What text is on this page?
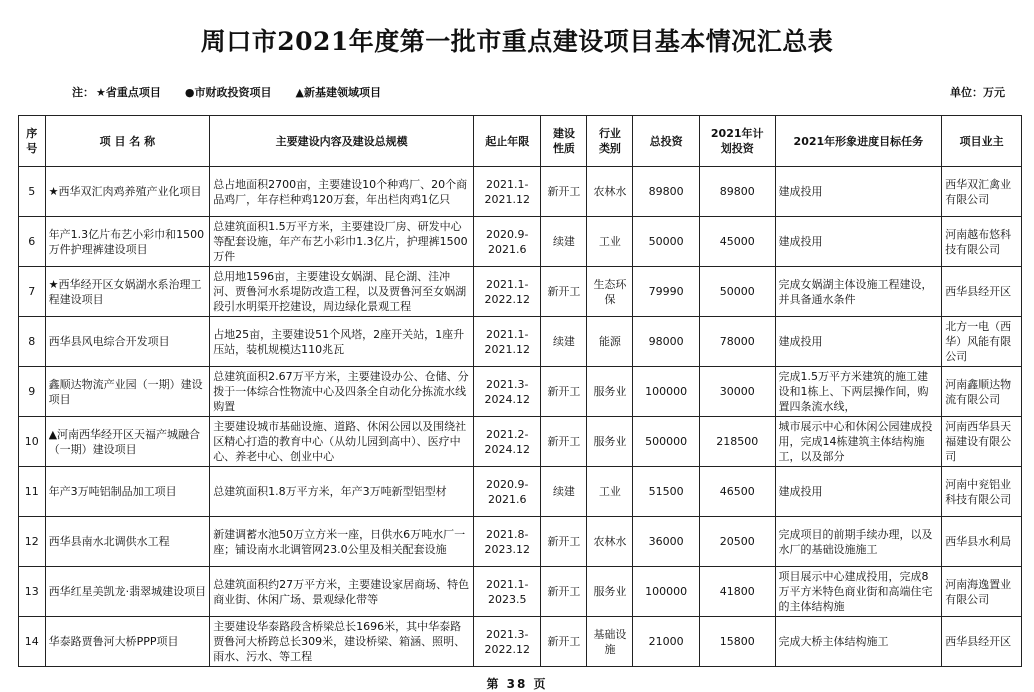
周口市2021年度第一批市重点建设项目基本情况汇总表
注： ★省重点项目 ●市财政投资项目 ▲新基建领域项目	单位：万元
序号	项 目 名 称	主要建设内容及建设总规模	起止年限	建设性质	行业类别	总投资	2021年计划投资	2021年形象进度目标任务	项目业主

5	★西华双汇肉鸡养殖产业化项目	总占地面积2700亩，主要建设10个种鸡厂、20个商品鸡厂，年存栏种鸡120万套，年出栏肉鸡1亿只	2021.1-2021.12	新开工	农林水	89800	89800	建成投用	西华双汇禽业有限公司

6	年产1.3亿片布艺小彩巾和1500万件护理裤建设项目	总建筑面积1.5万平方米，主要建设厂房、研发中心等配套设施，年产布艺小彩巾1.3亿片，护理裤1500万件	2020.9-2021.6	续建	工业	50000	45000	建成投用	河南越布悠科技有限公司

7	★西华经开区女娲湖水系治理工程建设项目	总用地1596亩，主要建设女娲湖、昆仑湖、洼冲河、贾鲁河水系堤防改造工程，以及贾鲁河至女娲湖段引水明渠开挖建设，周边绿化景观工程	2021.1-2022.12	新开工	生态环保	79990	50000	完成女娲湖主体设施工程建设，并具备通水条件	西华县经开区

8	西华县风电综合开发项目	占地25亩，主要建设51个风塔，2座开关站，1座升压站，装机规模达110兆瓦	2021.1-2021.12	续建	能源	98000	78000	建成投用	北方一电（西华）风能有限公司

9	鑫顺达物流产业园（一期）建设项目	总建筑面积2.67万平方米，主要建设办公、仓储、分拨于一体综合性物流中心及四条全自动化分拣流水线购置	2021.3-2024.12	新开工	服务业	100000	30000	完成1.5万平方米建筑的施工建设和1栋上、下两层操作间，购置四条流水线，	河南鑫顺达物流有限公司

10	▲河南西华经开区天福产城融合（一期）建设项目	主要建设城市基础设施、道路、休闲公园以及围绕社区精心打造的教育中心（从幼儿园到高中）、医疗中心、养老中心、创业中心	2021.2-2024.12	新开工	服务业	500000	218500	城市展示中心和休闲公园建成投用，完成14栋建筑主体结构施工，以及部分	河南西华县天福建设有限公司

11	年产3万吨铝制品加工项目	总建筑面积1.8万平方米，年产3万吨新型铝型材	2020.9-2021.6	续建	工业	51500	46500	建成投用	河南中兖铝业科技有限公司

12	西华县南水北调供水工程	新建调蓄水池50万立方米一座，日供水6万吨水厂一座；铺设南水北调管网23.0公里及相关配套设施	2021.8-2023.12	新开工	农林水	36000	20500	完成项目的前期手续办理，以及水厂的基础设施施工	西华县水利局

13	西华红星美凯龙·翡翠城建设项目	总建筑面积约27万平方米，主要建设家居商场、特色商业街、休闲广场、景观绿化带等	2021.1-2023.5	新开工	服务业	100000	41800	项目展示中心建成投用，完成8万平方米特色商业街和高端住宅的主体结构施	河南海逸置业有限公司

14	华泰路贾鲁河大桥PPP项目	主要建设华泰路段含桥梁总长1696米，其中华泰路贾鲁河大桥跨总长309米，建设桥梁、箱涵、照明、雨水、污水、等工程	2021.3-2022.12	新开工	基础设施	21000	15800	完成大桥主体结构施工	西华县经开区
第 38 页
